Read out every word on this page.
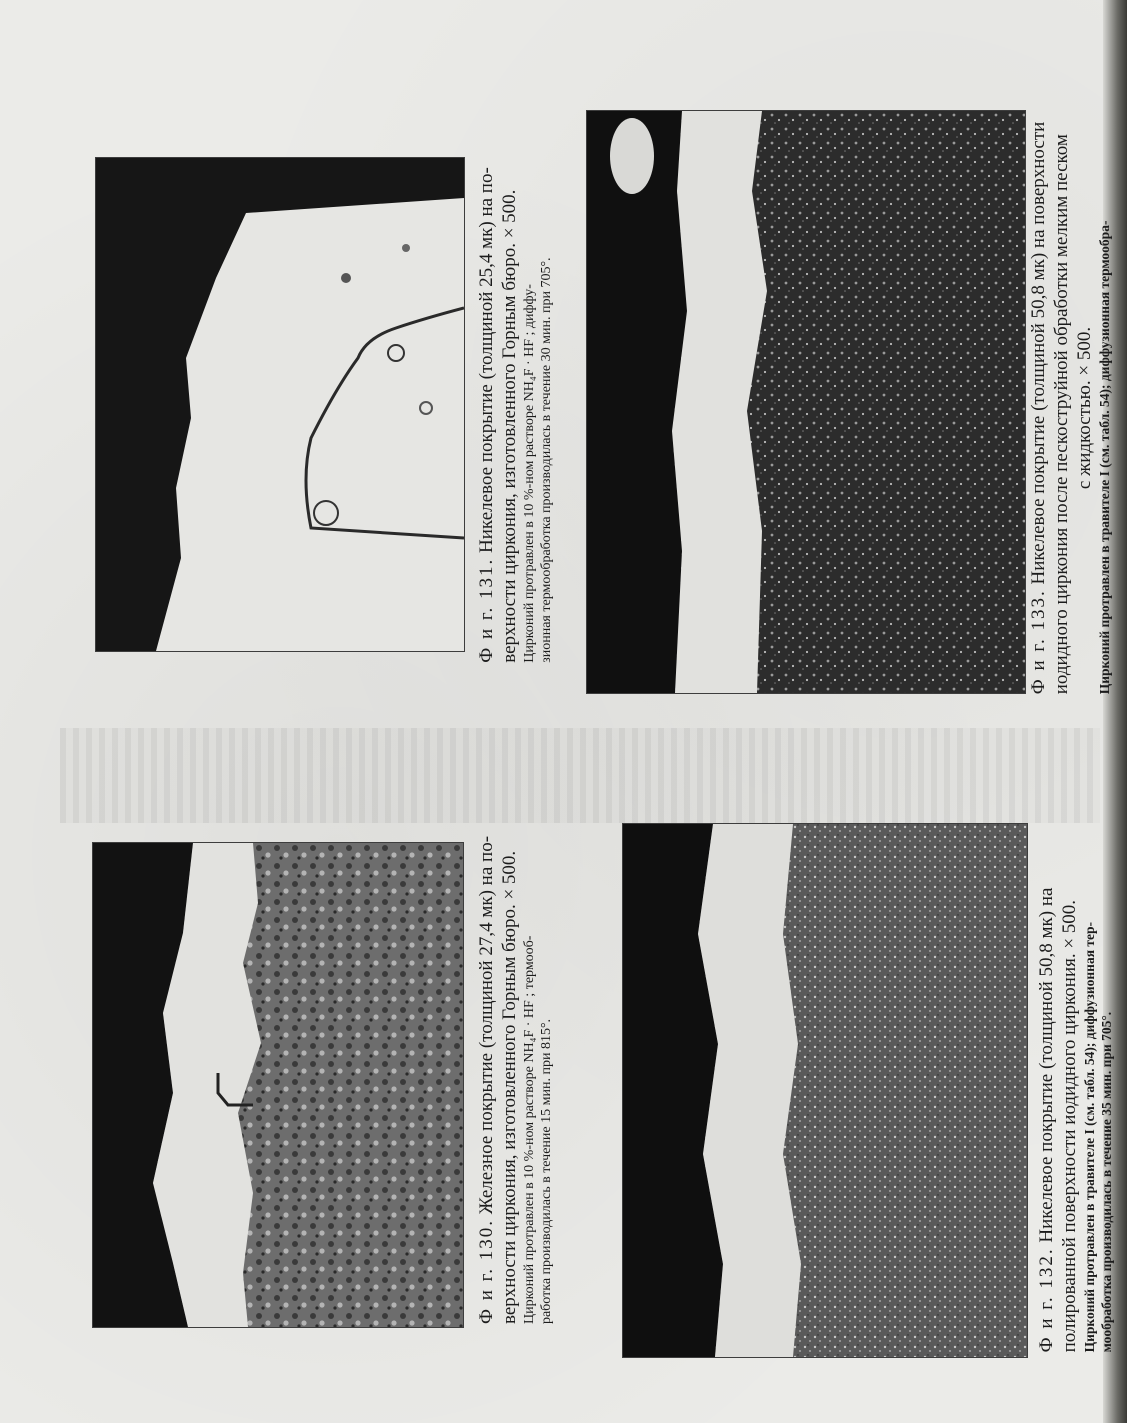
Ф и г. 131. Никелевое покрытие (толщиной 25,4 мк) на по- верхности циркония, изготовленного Горным бюро. × 500. Цирконий протравлен в 10 %-ном растворе NH₄F · HF ; диффу- зионная термообработка производилась в течение 30 мин. при 705°.	Ф и г. 133. Никелевое покрытие (толщиной 50,8 мк) на поверхности иодидного циркония после пескоструйной обработки мелким песком с жидкостью. × 500. Цирконий протравлен в травителе I (см. табл. 54); диффузионная термообра-
Ф и г. 130. Железное покрытие (толщиной 27,4 мк) на по- верхности циркония, изготовленного Горным бюро. × 500. Цирконий протравлен в 10 %-ном растворе NH₄F · HF ; термооб- работка производилась в течение 15 мин. при 815°.	Ф и г. 132. Никелевое покрытие (толщиной 50,8 мк) на полированной поверхности иодидного циркония. × 500. Цирконий протравлен в травителе I (см. табл. 54); диффузионная тер- мообработка производилась в течение 35 мин. при 705°.
